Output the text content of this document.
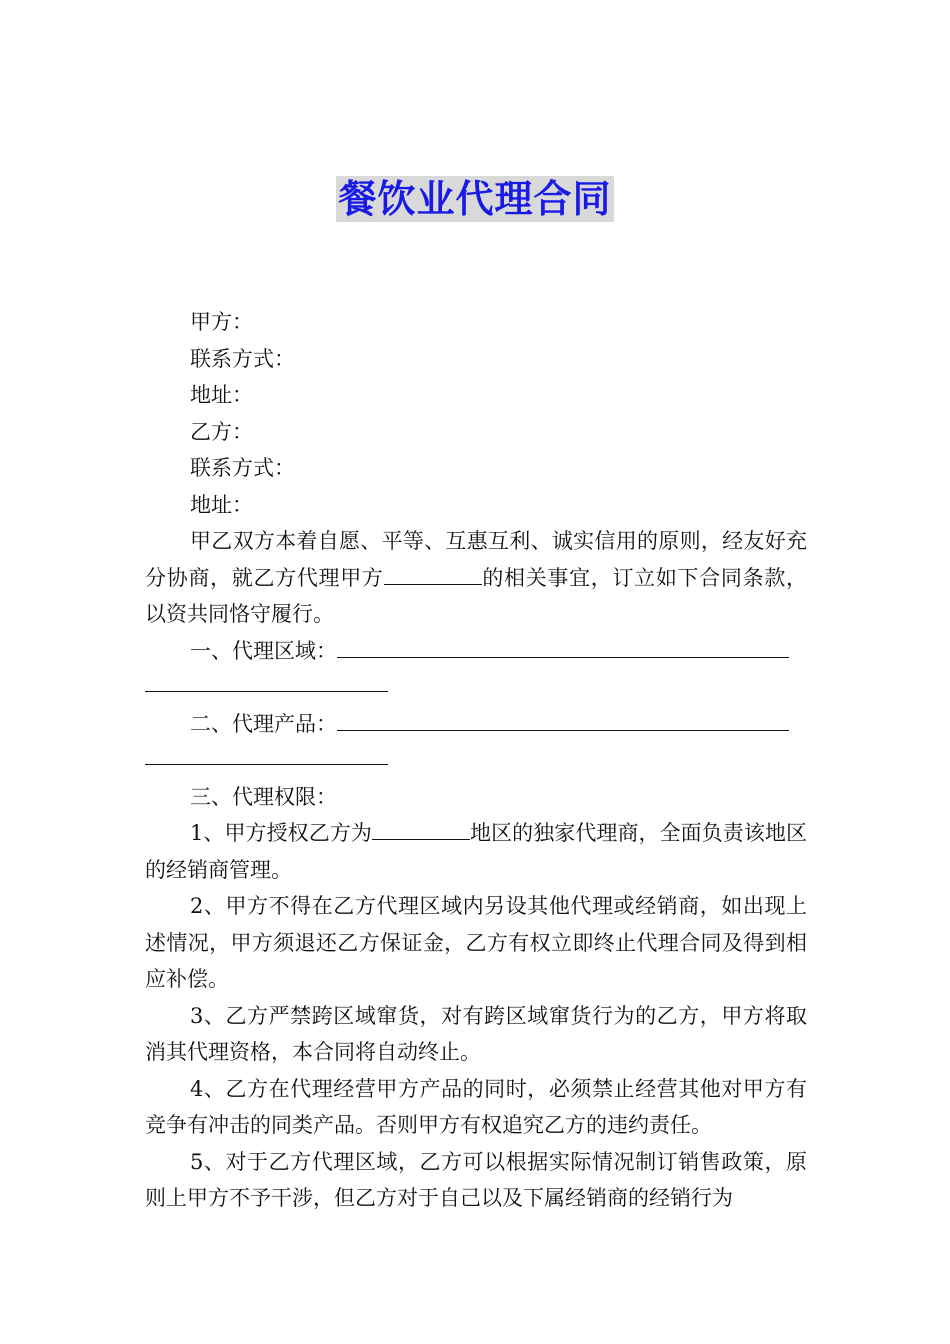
餐饮业代理合同
甲方：
联系方式：
地址：
乙方：
联系方式：
地址：

甲乙双方本着自愿、平等、互惠互利、诚实信用的原则，经友好充分协商，就乙方代理甲方	的相关事宜，订立如下合同条款，以资共同恪守履行。

一、代理区域：
二、代理产品：
三、代理权限：

1、甲方授权乙方为	地区的独家代理商，全面负责该地区的经销商管理。

2、甲方不得在乙方代理区域内另设其他代理或经销商，如出现上述情况，甲方须退还乙方保证金，乙方有权立即终止代理合同及得到相应补偿。

3、乙方严禁跨区域窜货，对有跨区域窜货行为的乙方，甲方将取消其代理资格，本合同将自动终止。

4、乙方在代理经营甲方产品的同时，必须禁止经营其他对甲方有竞争有冲击的同类产品。否则甲方有权追究乙方的违约责任。

5、对于乙方代理区域，乙方可以根据实际情况制订销售政策，原则上甲方不予干涉，但乙方对于自己以及下属经销商的经销行为
